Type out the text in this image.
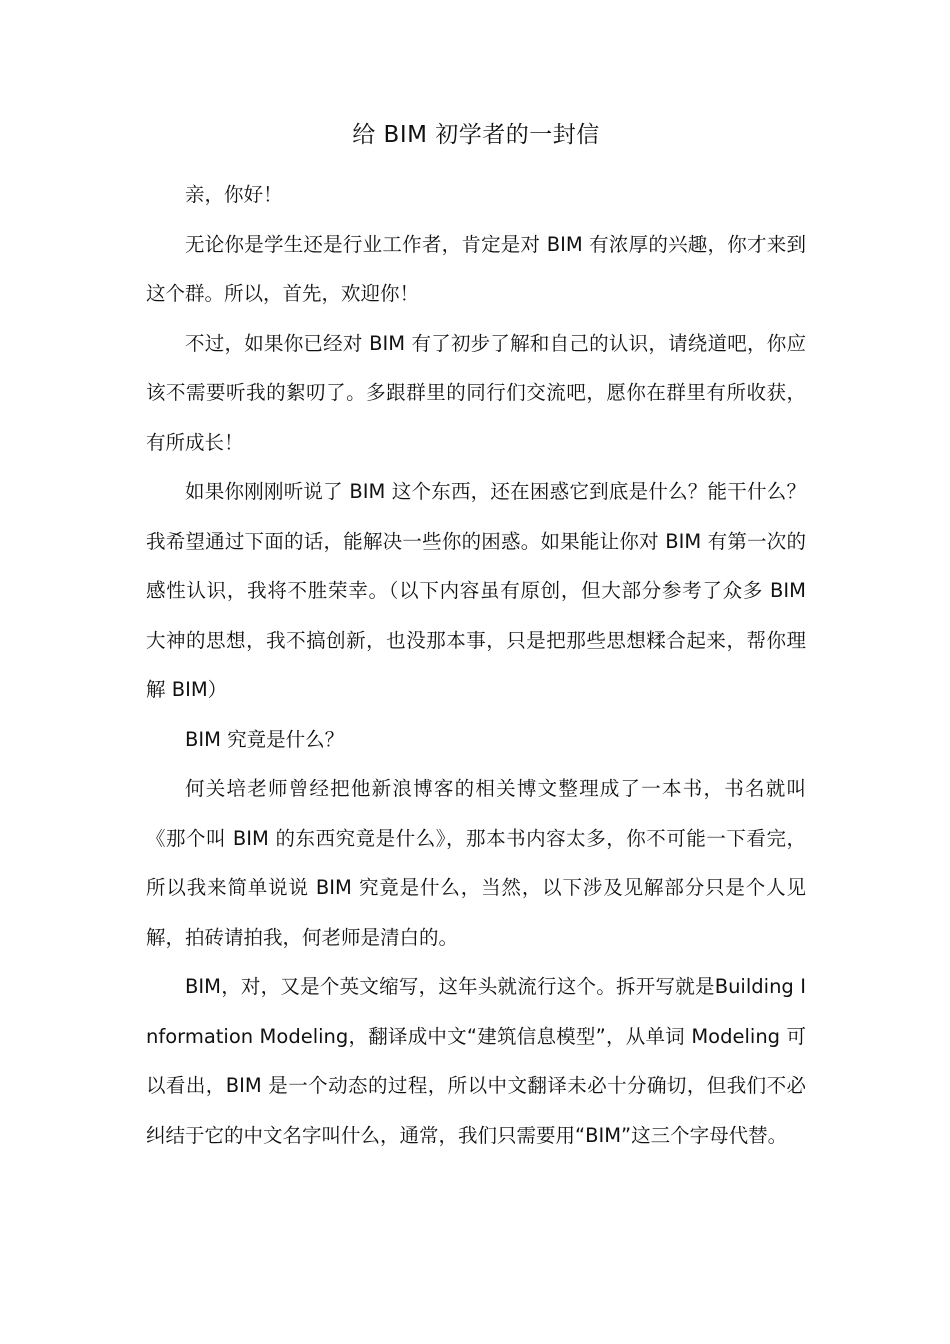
给 BIM 初学者的一封信

亲，你好！

无论你是学生还是行业工作者，肯定是对 BIM 有浓厚的兴趣，你才来到这个群。所以，首先，欢迎你！

不过，如果你已经对 BIM 有了初步了解和自己的认识，请绕道吧，你应该不需要听我的絮叨了。多跟群里的同行们交流吧，愿你在群里有所收获，有所成长！

如果你刚刚听说了 BIM 这个东西，还在困惑它到底是什么？能干什么？我希望通过下面的话，能解决一些你的困惑。如果能让你对 BIM 有第一次的感性认识，我将不胜荣幸。（以下内容虽有原创，但大部分参考了众多 BIM 大神的思想，我不搞创新，也没那本事，只是把那些思想糅合起来，帮你理解 BIM）

BIM 究竟是什么？

何关培老师曾经把他新浪博客的相关博文整理成了一本书，书名就叫《那个叫 BIM 的东西究竟是什么》，那本书内容太多，你不可能一下看完，所以我来简单说说 BIM 究竟是什么，当然，以下涉及见解部分只是个人见解，拍砖请拍我，何老师是清白的。

BIM，对，又是个英文缩写，这年头就流行这个。拆开写就是Building Information Modeling，翻译成中文“建筑信息模型”，从单词 Modeling 可以看出，BIM 是一个动态的过程，所以中文翻译未必十分确切，但我们不必纠结于它的中文名字叫什么，通常，我们只需要用“BIM”这三个字母代替。
